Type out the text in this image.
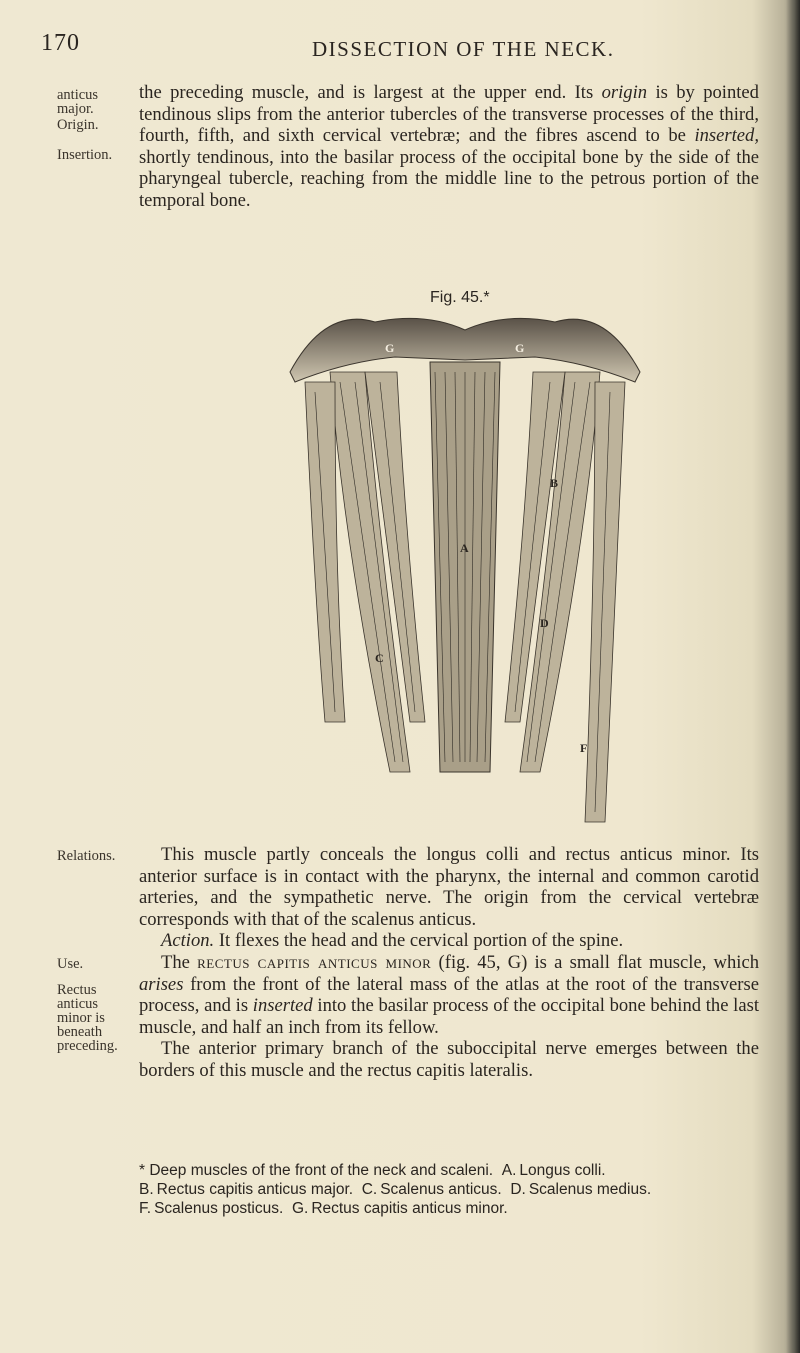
170	DISSECTION OF THE NECK.
anticus major.
Origin.
Insertion.

the preceding muscle, and is largest at the upper end. Its origin is by pointed tendinous slips from the anterior tubercles of the transverse processes of the third, fourth, fifth, and sixth cervical vertebræ; and the fibres ascend to be inserted, shortly tendinous, into the basilar process of the occipital bone by the side of the pharyngeal tubercle, reaching from the middle line to the petrous portion of the temporal bone.

Fig. 45.*
G	G
B
A
D
C
F
Relations.
Use.
Rectus anticus minor is beneath preceding.

This muscle partly conceals the longus colli and rectus anticus minor. Its anterior surface is in contact with the pharynx, the internal and common carotid arteries, and the sympathetic nerve. The origin from the cervical vertebræ corresponds with that of the scalenus anticus.

Action. It flexes the head and the cervical portion of the spine.

The rectus capitis anticus minor (fig. 45, G) is a small flat muscle, which arises from the front of the lateral mass of the atlas at the root of the transverse process, and is inserted into the basilar process of the occipital bone behind the last muscle, and half an inch from its fellow.

The anterior primary branch of the suboccipital nerve emerges between the borders of this muscle and the rectus capitis lateralis.

* Deep muscles of the front of the neck and scaleni. A. Longus colli.
B. Rectus capitis anticus major. C. Scalenus anticus. D. Scalenus medius.
F. Scalenus posticus. G. Rectus capitis anticus minor.
